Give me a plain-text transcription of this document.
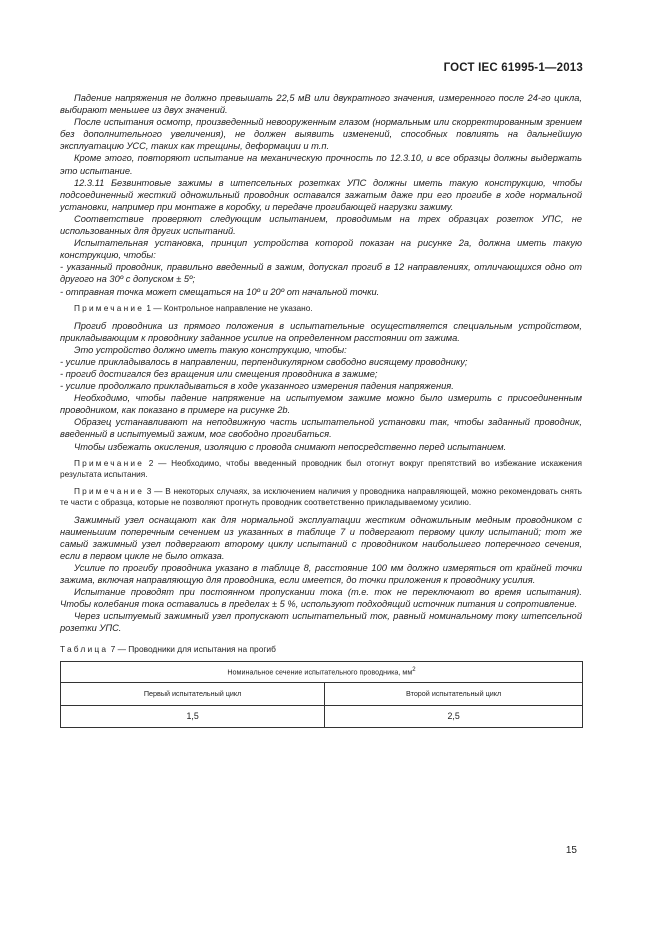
ГОСТ IEC 61995-1—2013

Падение напряжения не должно превышать 22,5 мВ или двукратного значения, измеренного после 24-го цикла, выбирают меньшее из двух значений.

После испытания осмотр, произведенный невооруженным глазом (нормальным или скорректированным зрением без дополнительного увеличения), не должен выявить изменений, способных повлиять на дальнейшую эксплуатацию УСС, таких как трещины, деформации и т.п.

Кроме этого, повторяют испытание на механическую прочность по 12.3.10, и все образцы должны выдержать это испытание.

12.3.11 Безвинтовые зажимы в штепсельных розетках УПС должны иметь такую конструкцию, чтобы подсоединенный жесткий одножильный проводник оставался зажатым даже при его прогибе в ходе нормальной установки, например при монтаже в коробку, и передаче прогибающей нагрузки зажиму.

Соответствие проверяют следующим испытанием, проводимым на трех образцах розеток УПС, не использованных для других испытаний.

Испытательная установка, принцип устройства которой показан на рисунке 2а, должна иметь такую конструкцию, чтобы:

- указанный проводник, правильно введенный в зажим, допускал прогиб в 12 направлениях, отличающихся одно от другого на 30º с допуском ± 5º;

- отправная точка может смещаться на 10º и 20º от начальной точки.

Примечание 1 — Контрольное направление не указано.

Прогиб проводника из прямого положения в испытательные осуществляется специальным устройством, прикладывающим к проводнику заданное усилие на определенном расстоянии от зажима.

Это устройство должно иметь такую конструкцию, чтобы:

- усилие прикладывалось в направлении, перпендикулярном свободно висящему проводнику;

- прогиб достигался без вращения или смещения проводника в зажиме;

- усилие продолжало прикладываться в ходе указанного измерения падения напряжения.

Необходимо, чтобы падение напряжение на испытуемом зажиме можно было измерить с присоединенным проводником, как показано в примере на рисунке 2b.

Образец устанавливают на неподвижную часть испытательной установки так, чтобы заданный проводник, введенный в испытуемый зажим, мог свободно прогибаться.

Чтобы избежать окисления, изоляцию с провода снимают непосредственно перед испытанием.

Примечание 2 — Необходимо, чтобы введенный проводник был отогнут вокруг препятствий во избежание искажения результата испытания.

Примечание 3 — В некоторых случаях, за исключением наличия у проводника направляющей, можно рекомендовать снять те части с образца, которые не позволяют прогнуть проводник соответственно прикладываемому усилию.

Зажимный узел оснащают как для нормальной эксплуатации жестким одножильным медным проводником с наименьшим поперечным сечением из указанных в таблице 7 и подвергают первому циклу испытаний; тот же самый зажимный узел подвергают второму циклу испытаний с проводником наибольшего поперечного сечения, если в первом цикле не было отказа.

Усилие по прогибу проводника указано в таблице 8, расстояние 100 мм должно измеряться от крайней точки зажима, включая направляющую для проводника, если имеется, до точки приложения к проводнику усилия.

Испытание проводят при постоянном пропускании тока (т.е. ток не переключают во время испытания). Чтобы колебания тока оставались в пределах ± 5 %, используют подходящий источник питания и сопротивление.

Через испытуемый зажимный узел пропускают испытательный ток, равный номинальному току штепсельной розетки УПС.

Таблица 7 — Проводники для испытания на прогиб

Номинальное сечение испытательного проводника, $мм^2$
Первый испытательный цикл	Второй испытательный цикл
1,5	2,5
15
